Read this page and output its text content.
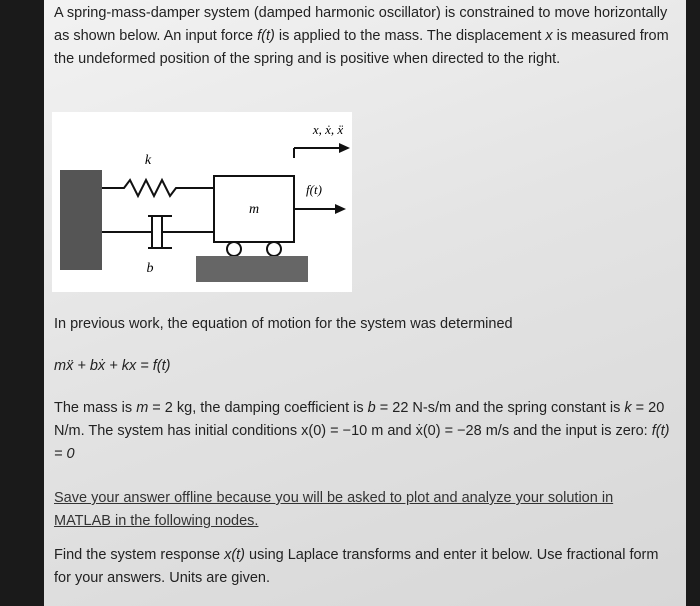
A spring-mass-damper system (damped harmonic oscillator) is constrained to move horizontally as shown below. An input force f(t) is applied to the mass. The displacement x is measured from the undeformed position of the spring and is positive when directed to the right.

k
b
m
f(t)
x, ẋ, ẍ

In previous work, the equation of motion for the system was determined

mẍ + bẋ + kx = f(t)

The mass is m = 2 kg, the damping coefficient is b = 22 N-s/m and the spring constant is k = 20 N/m. The system has initial conditions x(0) = −10 m and ẋ(0) = −28 m/s and the input is zero: f(t) = 0

Save your answer offline because you will be asked to plot and analyze your solution in MATLAB in the following nodes.

Find the system response x(t) using Laplace transforms and enter it below. Use fractional form for your answers. Units are given.
